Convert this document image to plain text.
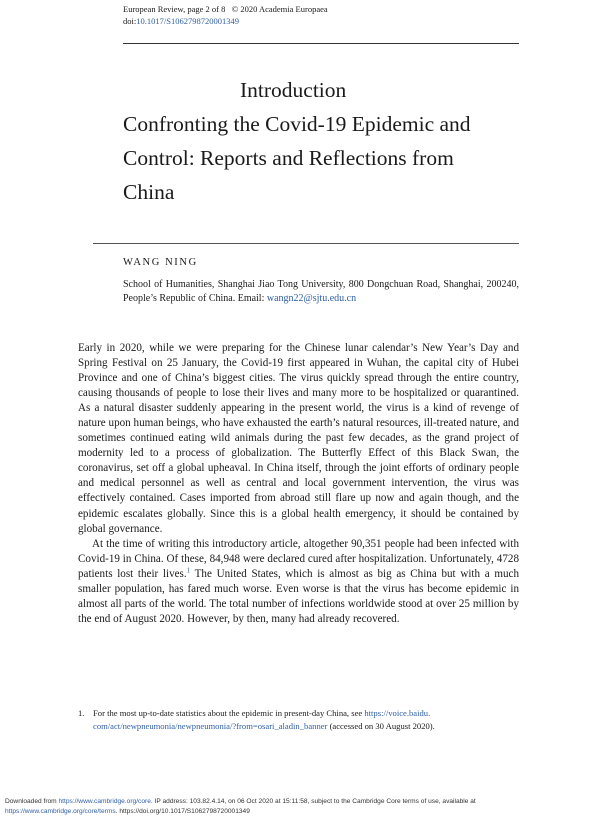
European Review, page 2 of 8 © 2020 Academia Europaea
doi:10.1017/S1062798720001349
Introduction
Confronting the Covid-19 Epidemic and
Control: Reports and Reflections from
China
WANG NING
School of Humanities, Shanghai Jiao Tong University, 800 Dongchuan Road, Shanghai, 200240, People’s Republic of China. Email: wangn22@sjtu.edu.cn

Early in 2020, while we were preparing for the Chinese lunar calendar’s New Year’s Day and Spring Festival on 25 January, the Covid-19 first appeared in Wuhan, the capital city of Hubei Province and one of China’s biggest cities. The virus quickly spread through the entire country, causing thousands of people to lose their lives and many more to be hospitalized or quarantined. As a natural disaster suddenly appearing in the present world, the virus is a kind of revenge of nature upon human beings, who have exhausted the earth’s natural resources, ill-treated nature, and sometimes continued eating wild animals during the past few decades, as the grand project of modernity led to a process of globalization. The Butterfly Effect of this Black Swan, the coronavirus, set off a global upheaval. In China itself, through the joint efforts of ordinary people and medical personnel as well as central and local government intervention, the virus was effectively contained. Cases imported from abroad still flare up now and again though, and the epidemic escalates globally. Since this is a global health emergency, it should be contained by global governance.

At the time of writing this introductory article, altogether 90,351 people had been infected with Covid-19 in China. Of these, 84,948 were declared cured after hospitalization. Unfortunately, 4728 patients lost their lives.$^1$ The United States, which is almost as big as China but with a much smaller population, has fared much worse. Even worse is that the virus has become epidemic in almost all parts of the world. The total number of infections worldwide stood at over 25 million by the end of August 2020. However, by then, many had already recovered.

1. For the most up-to-date statistics about the epidemic in present-day China, see https://voice.baidu.
com/act/newpneumonia/newpneumonia/?from=osari_aladin_banner (accessed on 30 August 2020).
Downloaded from https://www.cambridge.org/core. IP address: 103.82.4.14, on 06 Oct 2020 at 15:11:58, subject to the Cambridge Core terms of use, available at
https://www.cambridge.org/core/terms. https://doi.org/10.1017/S1062798720001349
